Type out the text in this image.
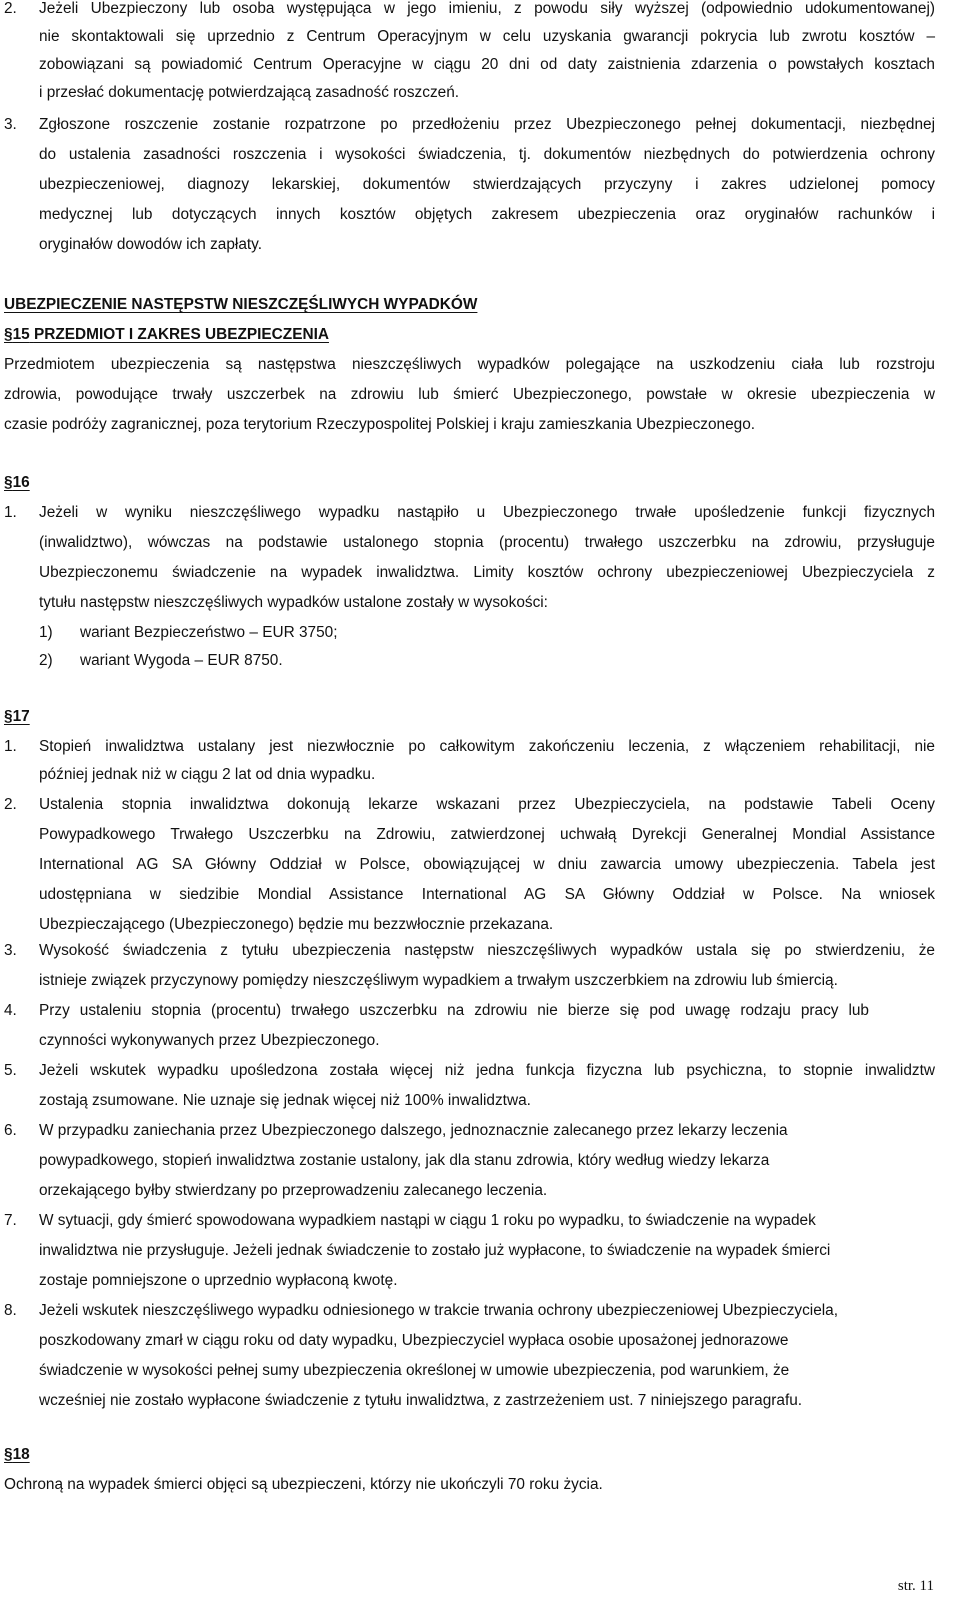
2.	Jeżeli Ubezpieczony lub osoba występująca w jego imieniu, z powodu siły wyższej (odpowiednio udokumentowanej)
nie skontaktowali się uprzednio z Centrum Operacyjnym w celu uzyskania gwarancji pokrycia lub zwrotu kosztów –
zobowiązani są powiadomić Centrum Operacyjne w ciągu 20 dni od daty zaistnienia zdarzenia o powstałych kosztach
i przesłać dokumentację potwierdzającą zasadność roszczeń.
3.	Zgłoszone roszczenie zostanie rozpatrzone po przedłożeniu przez Ubezpieczonego pełnej dokumentacji, niezbędnej
do ustalenia zasadności roszczenia i wysokości świadczenia, tj. dokumentów niezbędnych do potwierdzenia ochrony
ubezpieczeniowej, diagnozy lekarskiej, dokumentów stwierdzających przyczyny i zakres udzielonej pomocy
medycznej lub dotyczących innych kosztów objętych zakresem ubezpieczenia oraz oryginałów rachunków i
oryginałów dowodów ich zapłaty.
UBEZPIECZENIE NASTĘPSTW NIESZCZĘŚLIWYCH WYPADKÓW
§15 PRZEDMIOT I ZAKRES UBEZPIECZENIA
Przedmiotem ubezpieczenia są następstwa nieszczęśliwych wypadków polegające na uszkodzeniu ciała lub rozstroju
zdrowia, powodujące trwały uszczerbek na zdrowiu lub śmierć Ubezpieczonego, powstałe w okresie ubezpieczenia w
czasie podróży zagranicznej, poza terytorium Rzeczypospolitej Polskiej i kraju zamieszkania Ubezpieczonego.
§16
1.	Jeżeli w wyniku nieszczęśliwego wypadku nastąpiło u Ubezpieczonego trwałe upośledzenie funkcji fizycznych
(inwalidztwo), wówczas na podstawie ustalonego stopnia (procentu) trwałego uszczerbku na zdrowiu, przysługuje
Ubezpieczonemu świadczenie na wypadek inwalidztwa. Limity kosztów ochrony ubezpieczeniowej Ubezpieczyciela z
tytułu następstw nieszczęśliwych wypadków ustalone zostały w wysokości:
1)	wariant Bezpieczeństwo – EUR 3750;
2)	wariant Wygoda – EUR 8750.
§17
1.	Stopień inwalidztwa ustalany jest niezwłocznie po całkowitym zakończeniu leczenia, z włączeniem rehabilitacji, nie
później jednak niż w ciągu 2 lat od dnia wypadku.
2.	Ustalenia stopnia inwalidztwa dokonują lekarze wskazani przez Ubezpieczyciela, na podstawie Tabeli Oceny
Powypadkowego Trwałego Uszczerbku na Zdrowiu, zatwierdzonej uchwałą Dyrekcji Generalnej Mondial Assistance
International AG SA Główny Oddział w Polsce, obowiązującej w dniu zawarcia umowy ubezpieczenia. Tabela jest
udostępniana w siedzibie Mondial Assistance International AG SA Główny Oddział w Polsce. Na wniosek
Ubezpieczającego (Ubezpieczonego) będzie mu bezzwłocznie przekazana.
3.	Wysokość świadczenia z tytułu ubezpieczenia następstw nieszczęśliwych wypadków ustala się po stwierdzeniu, że
istnieje związek przyczynowy pomiędzy nieszczęśliwym wypadkiem a trwałym uszczerbkiem na zdrowiu lub śmiercią.
4.	Przy ustaleniu stopnia (procentu) trwałego uszczerbku na zdrowiu nie bierze się pod uwagę rodzaju pracy lub
czynności wykonywanych przez Ubezpieczonego.
5.	Jeżeli wskutek wypadku upośledzona została więcej niż jedna funkcja fizyczna lub psychiczna, to stopnie inwalidztw
zostają zsumowane. Nie uznaje się jednak więcej niż 100% inwalidztwa.
6.	W przypadku zaniechania przez Ubezpieczonego dalszego, jednoznacznie zalecanego przez lekarzy leczenia
powypadkowego, stopień inwalidztwa zostanie ustalony, jak dla stanu zdrowia, który według wiedzy lekarza
orzekającego byłby stwierdzany po przeprowadzeniu zalecanego leczenia.
7.	W sytuacji, gdy śmierć spowodowana wypadkiem nastąpi w ciągu 1 roku po wypadku, to świadczenie na wypadek
inwalidztwa nie przysługuje. Jeżeli jednak świadczenie to zostało już wypłacone, to świadczenie na wypadek śmierci
zostaje pomniejszone o uprzednio wypłaconą kwotę.
8.	Jeżeli wskutek nieszczęśliwego wypadku odniesionego w trakcie trwania ochrony ubezpieczeniowej Ubezpieczyciela,
poszkodowany zmarł w ciągu roku od daty wypadku, Ubezpieczyciel wypłaca osobie uposażonej jednorazowe
świadczenie w wysokości pełnej sumy ubezpieczenia określonej w umowie ubezpieczenia, pod warunkiem, że
wcześniej nie zostało wypłacone świadczenie z tytułu inwalidztwa, z zastrzeżeniem ust. 7 niniejszego paragrafu.
§18
Ochroną na wypadek śmierci objęci są ubezpieczeni, którzy nie ukończyli 70 roku życia.
str. 11
